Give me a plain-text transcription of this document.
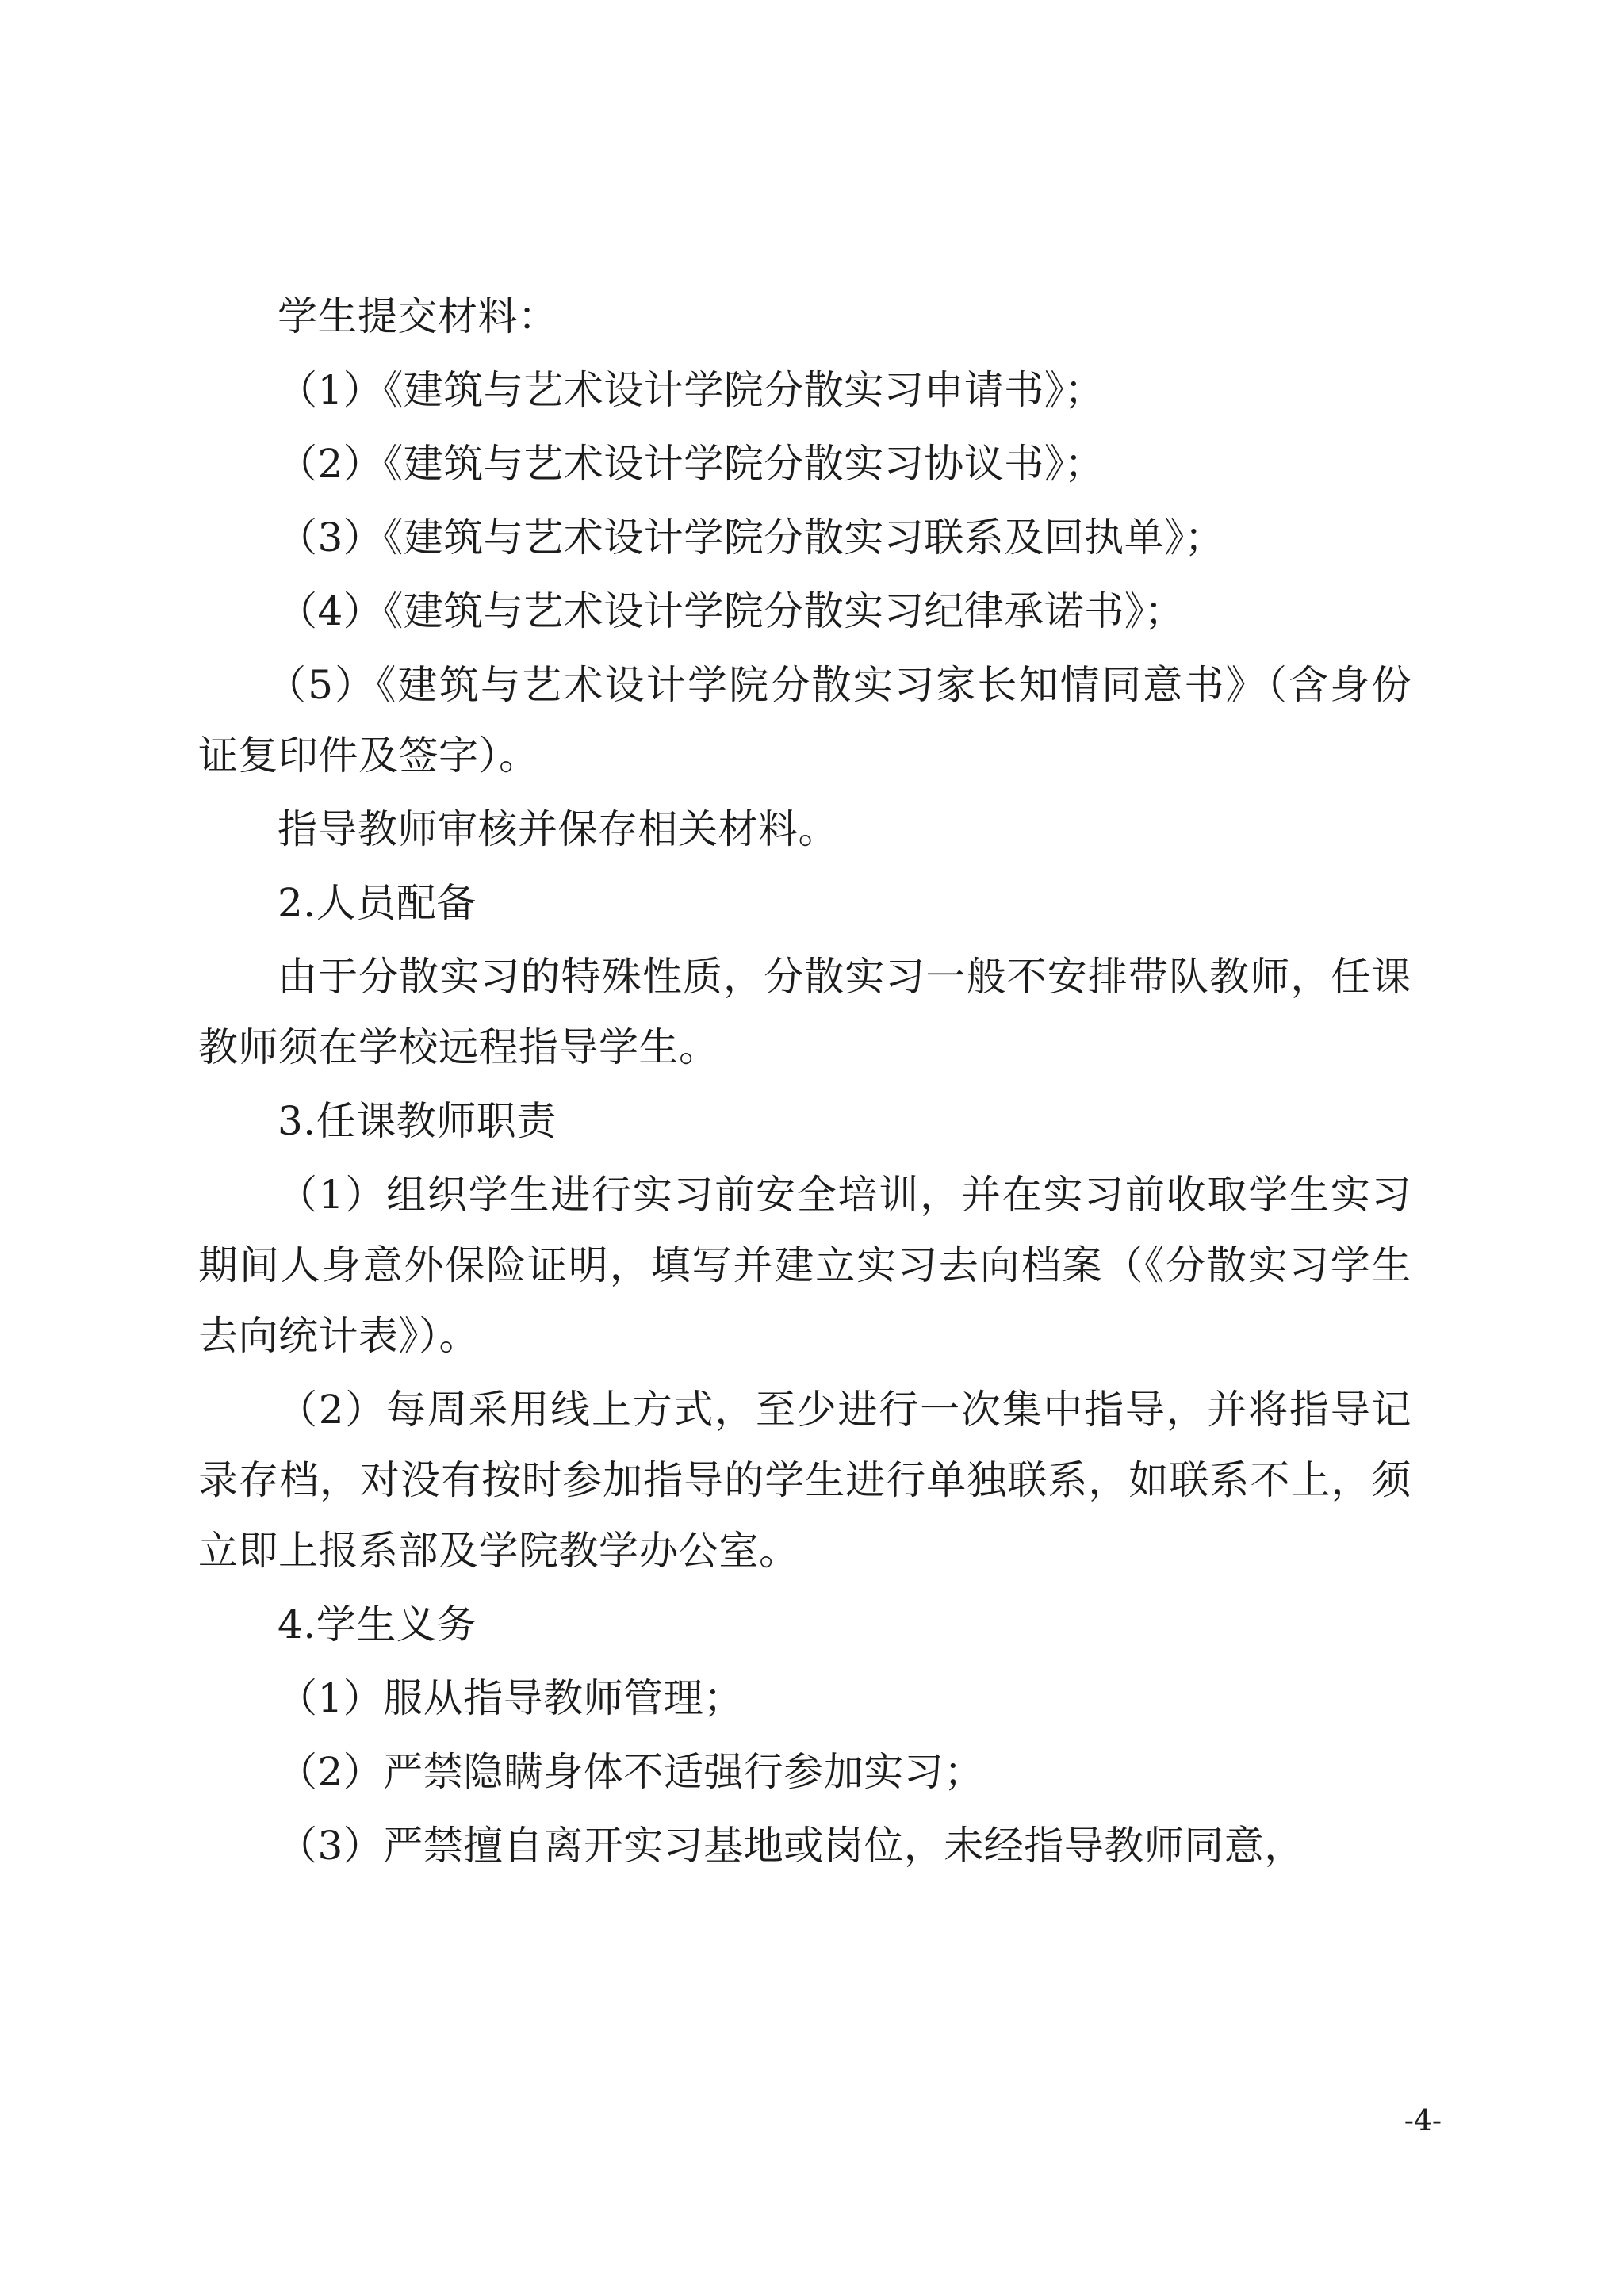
学生提交材料：

（1）《建筑与艺术设计学院分散实习申请书》；

（2）《建筑与艺术设计学院分散实习协议书》；

（3）《建筑与艺术设计学院分散实习联系及回执单》；

（4）《建筑与艺术设计学院分散实习纪律承诺书》；

（5）《建筑与艺术设计学院分散实习家长知情同意书》（含身份证复印件及签字）。

指导教师审核并保存相关材料。

2.人员配备

由于分散实习的特殊性质，分散实习一般不安排带队教师，任课教师须在学校远程指导学生。

3.任课教师职责

（1）组织学生进行实习前安全培训，并在实习前收取学生实习期间人身意外保险证明，填写并建立实习去向档案（《分散实习学生去向统计表》）。

（2）每周采用线上方式，至少进行一次集中指导，并将指导记录存档，对没有按时参加指导的学生进行单独联系，如联系不上，须立即上报系部及学院教学办公室。

4.学生义务

（1）服从指导教师管理；

（2）严禁隐瞒身体不适强行参加实习；

（3）严禁擅自离开实习基地或岗位，未经指导教师同意，

-4-
